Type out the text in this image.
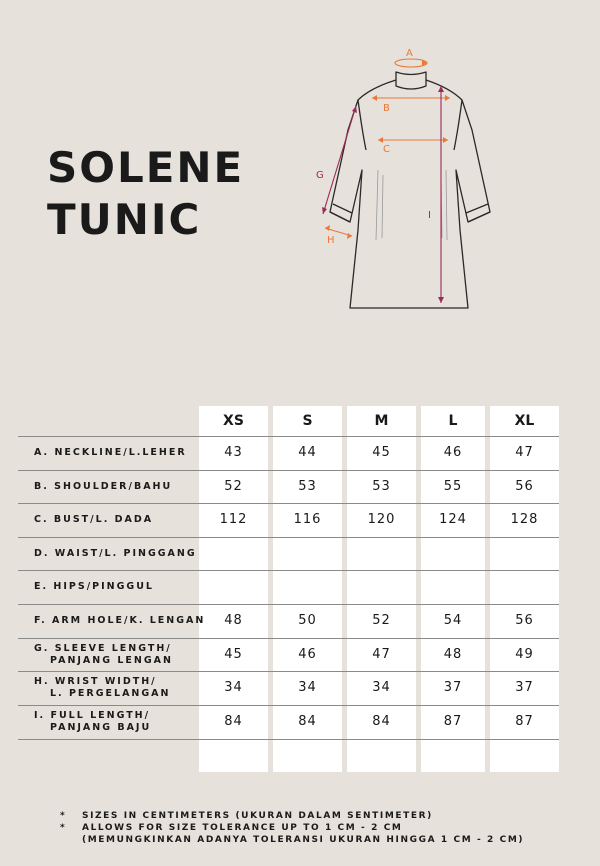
SOLENE
TUNIC
A
B
C
G
H
I
XS	S	M	L	XL
A. NECKLINE/L.LEHER	43	44	45	46	47
B. SHOULDER/BAHU	52	53	53	55	56
C. BUST/L. DADA	112	116	120	124	128
D. WAIST/L. PINGGANG
E. HIPS/PINGGUL
F. ARM HOLE/K. LENGAN	48	50	52	54	56
G. SLEEVE LENGTH/
PANJANG LENGAN	45	46	47	48	49
H. WRIST WIDTH/
L. PERGELANGAN	34	34	34	37	37
I. FULL LENGTH/
PANJANG BAJU	84	84	84	87	87
* SIZES IN CENTIMETERS (UKURAN DALAM SENTIMETER)
* ALLOWS FOR SIZE TOLERANCE UP TO 1 CM - 2 CM
(MEMUNGKINKAN ADANYA TOLERANSI UKURAN HINGGA 1 CM - 2 CM)
